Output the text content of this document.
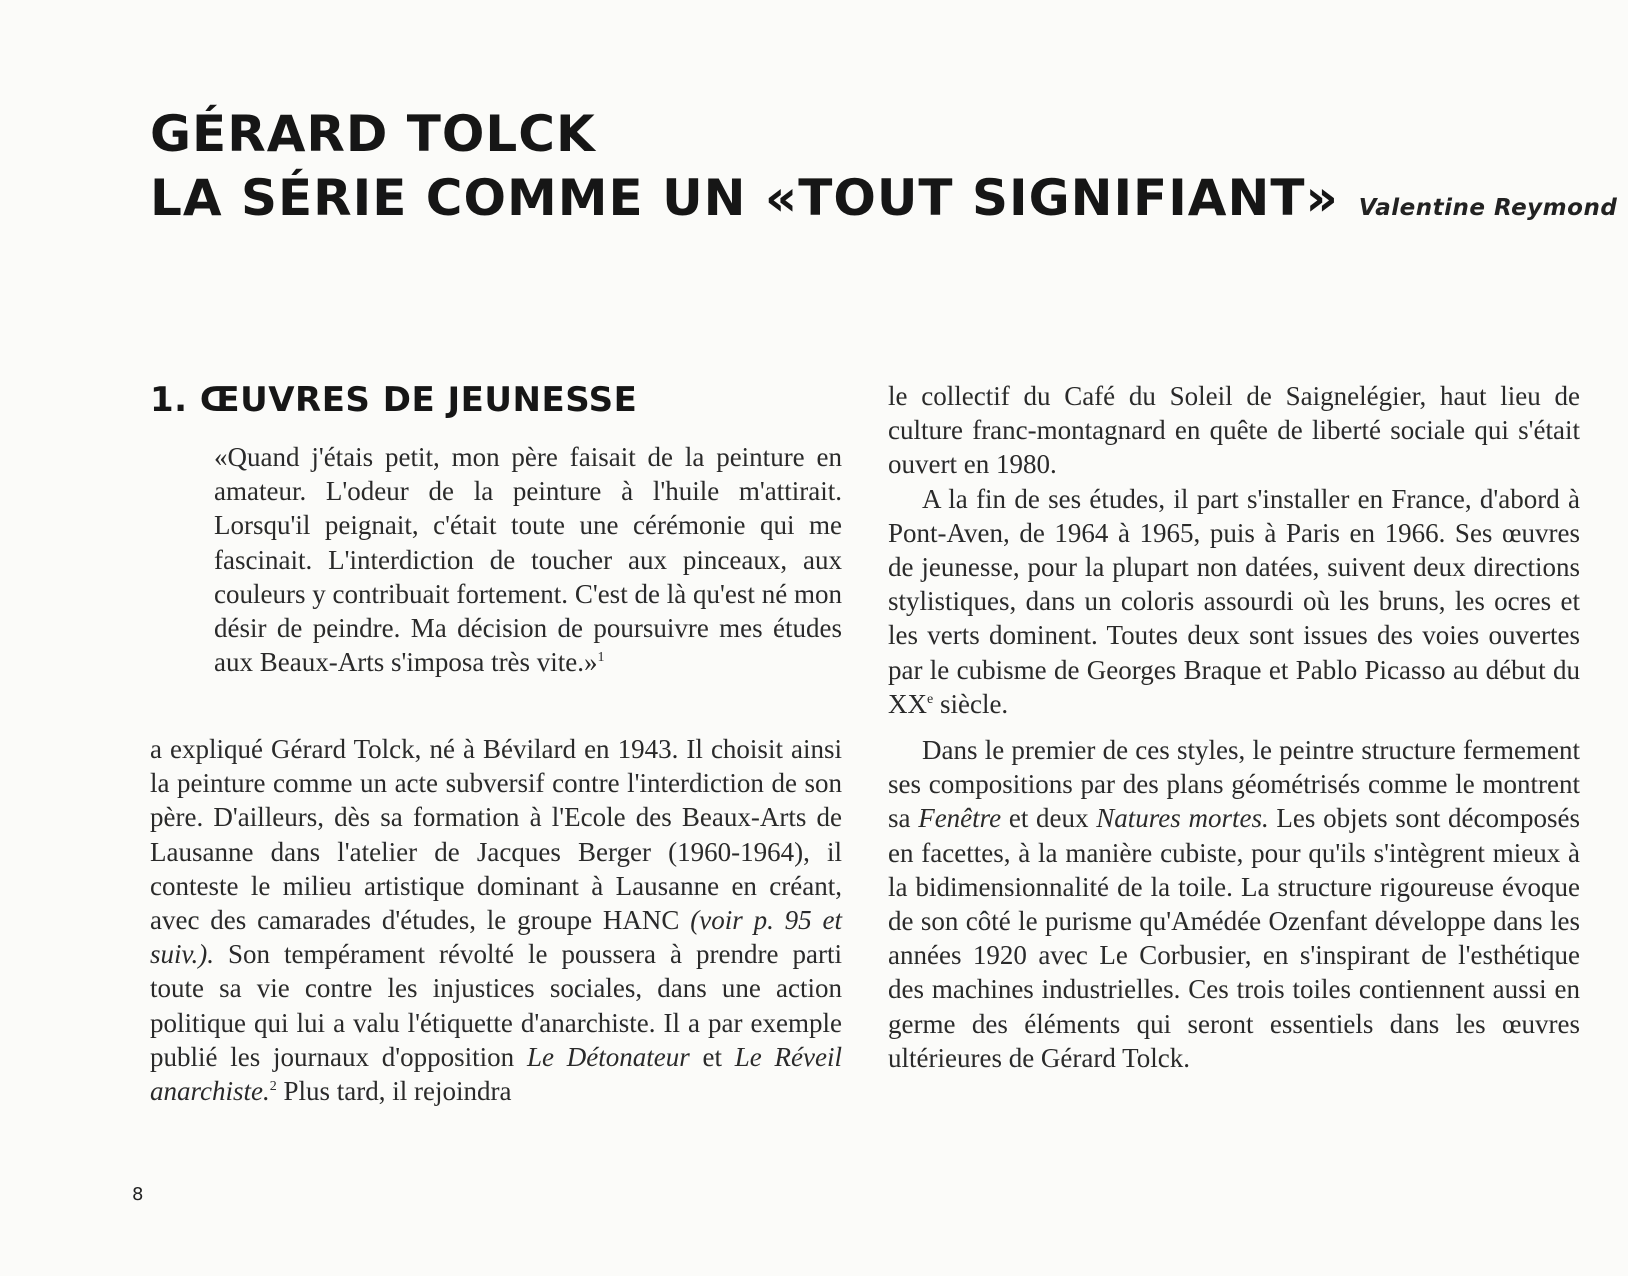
GÉRARD TOLCK
LA SÉRIE COMME UN «TOUT SIGNIFIANT» Valentine Reymond
1. ŒUVRES DE JEUNESSE

«Quand j'étais petit, mon père faisait de la peinture en amateur. L'odeur de la peinture à l'huile m'attirait. Lorsqu'il peignait, c'était toute une cérémonie qui me fascinait. L'interdiction de toucher aux pinceaux, aux couleurs y contribuait fortement. C'est de là qu'est né mon désir de peindre. Ma décision de poursuivre mes études aux Beaux-Arts s'imposa très vite.»$^1$

a expliqué Gérard Tolck, né à Bévilard en 1943. Il choisit ainsi la peinture comme un acte subversif contre l'interdiction de son père. D'ailleurs, dès sa formation à l'Ecole des Beaux-Arts de Lausanne dans l'atelier de Jacques Berger (1960-1964), il conteste le milieu artistique dominant à Lausanne en créant, avec des camarades d'études, le groupe HANC (voir p. 95 et suiv.). Son tempérament révolté le poussera à prendre parti toute sa vie contre les injustices sociales, dans une action politique qui lui a valu l'étiquette d'anarchiste. Il a par exemple publié les journaux d'opposition Le Détonateur et Le Réveil anarchiste.$^2$ Plus tard, il rejoindra

le collectif du Café du Soleil de Saignelégier, haut lieu de culture franc-montagnard en quête de liberté sociale qui s'était ouvert en 1980.

A la fin de ses études, il part s'installer en France, d'abord à Pont-Aven, de 1964 à 1965, puis à Paris en 1966. Ses œuvres de jeunesse, pour la plupart non datées, suivent deux directions stylistiques, dans un coloris assourdi où les bruns, les ocres et les verts dominent. Toutes deux sont issues des voies ouvertes par le cubisme de Georges Braque et Pablo Picasso au début du XXe siècle.

Dans le premier de ces styles, le peintre structure fermement ses compositions par des plans géométrisés comme le montrent sa Fenêtre et deux Natures mortes. Les objets sont décomposés en facettes, à la manière cubiste, pour qu'ils s'intègrent mieux à la bidimensionnalité de la toile. La structure rigoureuse évoque de son côté le purisme qu'Amédée Ozenfant développe dans les années 1920 avec Le Corbusier, en s'inspirant de l'esthétique des machines industrielles. Ces trois toiles contiennent aussi en germe des éléments qui seront essentiels dans les œuvres ultérieures de Gérard Tolck.

8
